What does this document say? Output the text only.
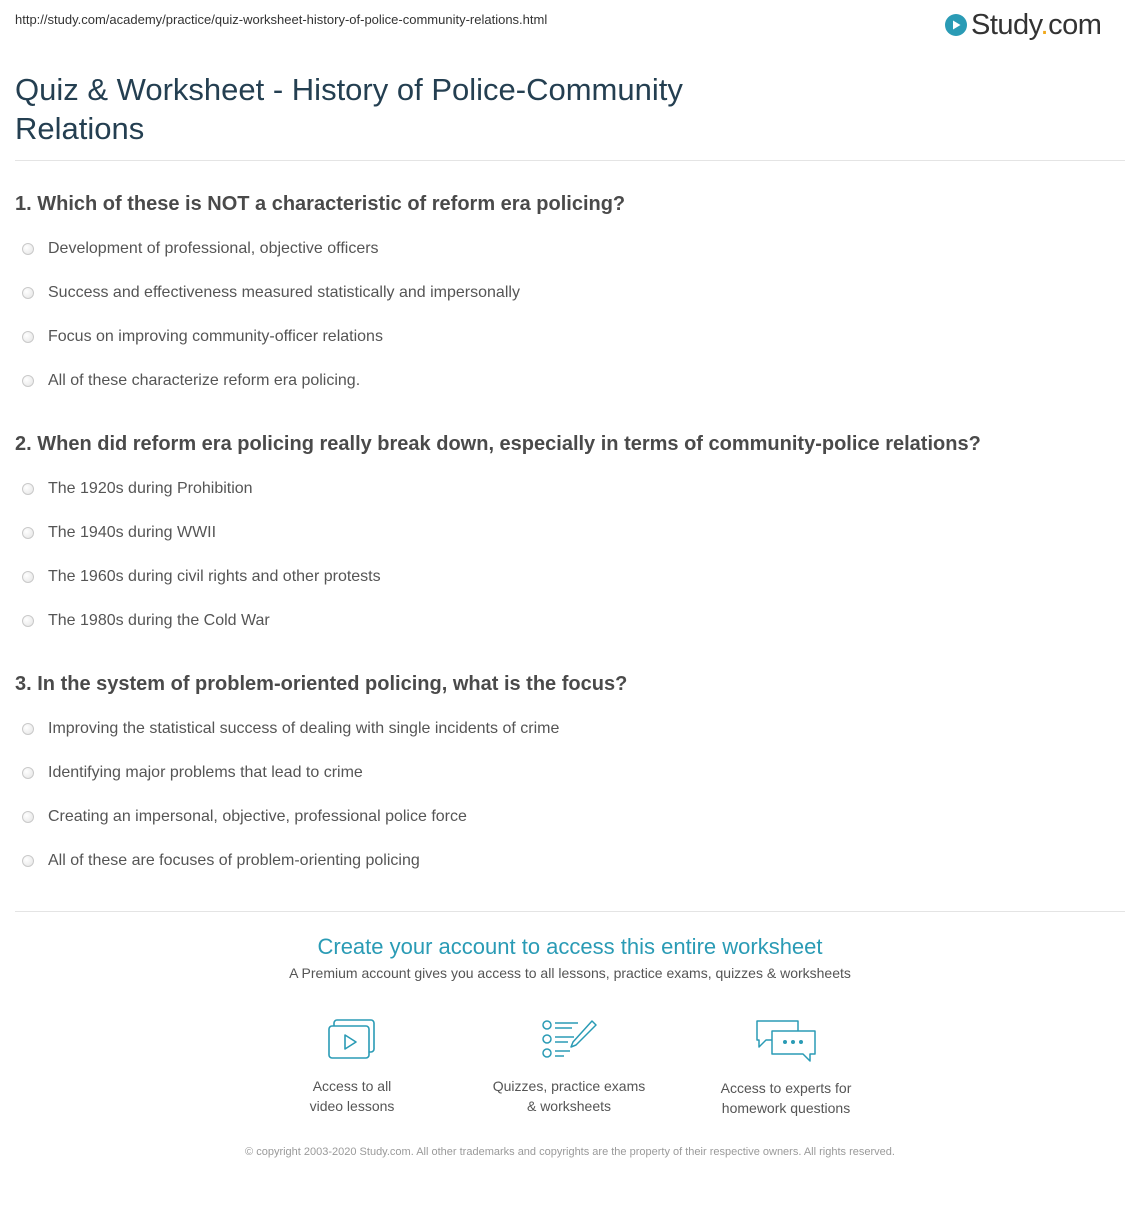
http://study.com/academy/practice/quiz-worksheet-history-of-police-community-relations.html	Study.com
Quiz & Worksheet - History of Police-Community Relations
1. Which of these is NOT a characteristic of reform era policing?
Development of professional, objective officers
Success and effectiveness measured statistically and impersonally
Focus on improving community-officer relations
All of these characterize reform era policing.
2. When did reform era policing really break down, especially in terms of community-police relations?
The 1920s during Prohibition
The 1940s during WWII
The 1960s during civil rights and other protests
The 1980s during the Cold War
3. In the system of problem-oriented policing, what is the focus?
Improving the statistical success of dealing with single incidents of crime
Identifying major problems that lead to crime
Creating an impersonal, objective, professional police force
All of these are focuses of problem-orienting policing
Create your account to access this entire worksheet
A Premium account gives you access to all lessons, practice exams, quizzes & worksheets
Access to all
video lessons
Quizzes, practice exams
& worksheets
Access to experts for
homework questions
© copyright 2003-2020 Study.com. All other trademarks and copyrights are the property of their respective owners. All rights reserved.
